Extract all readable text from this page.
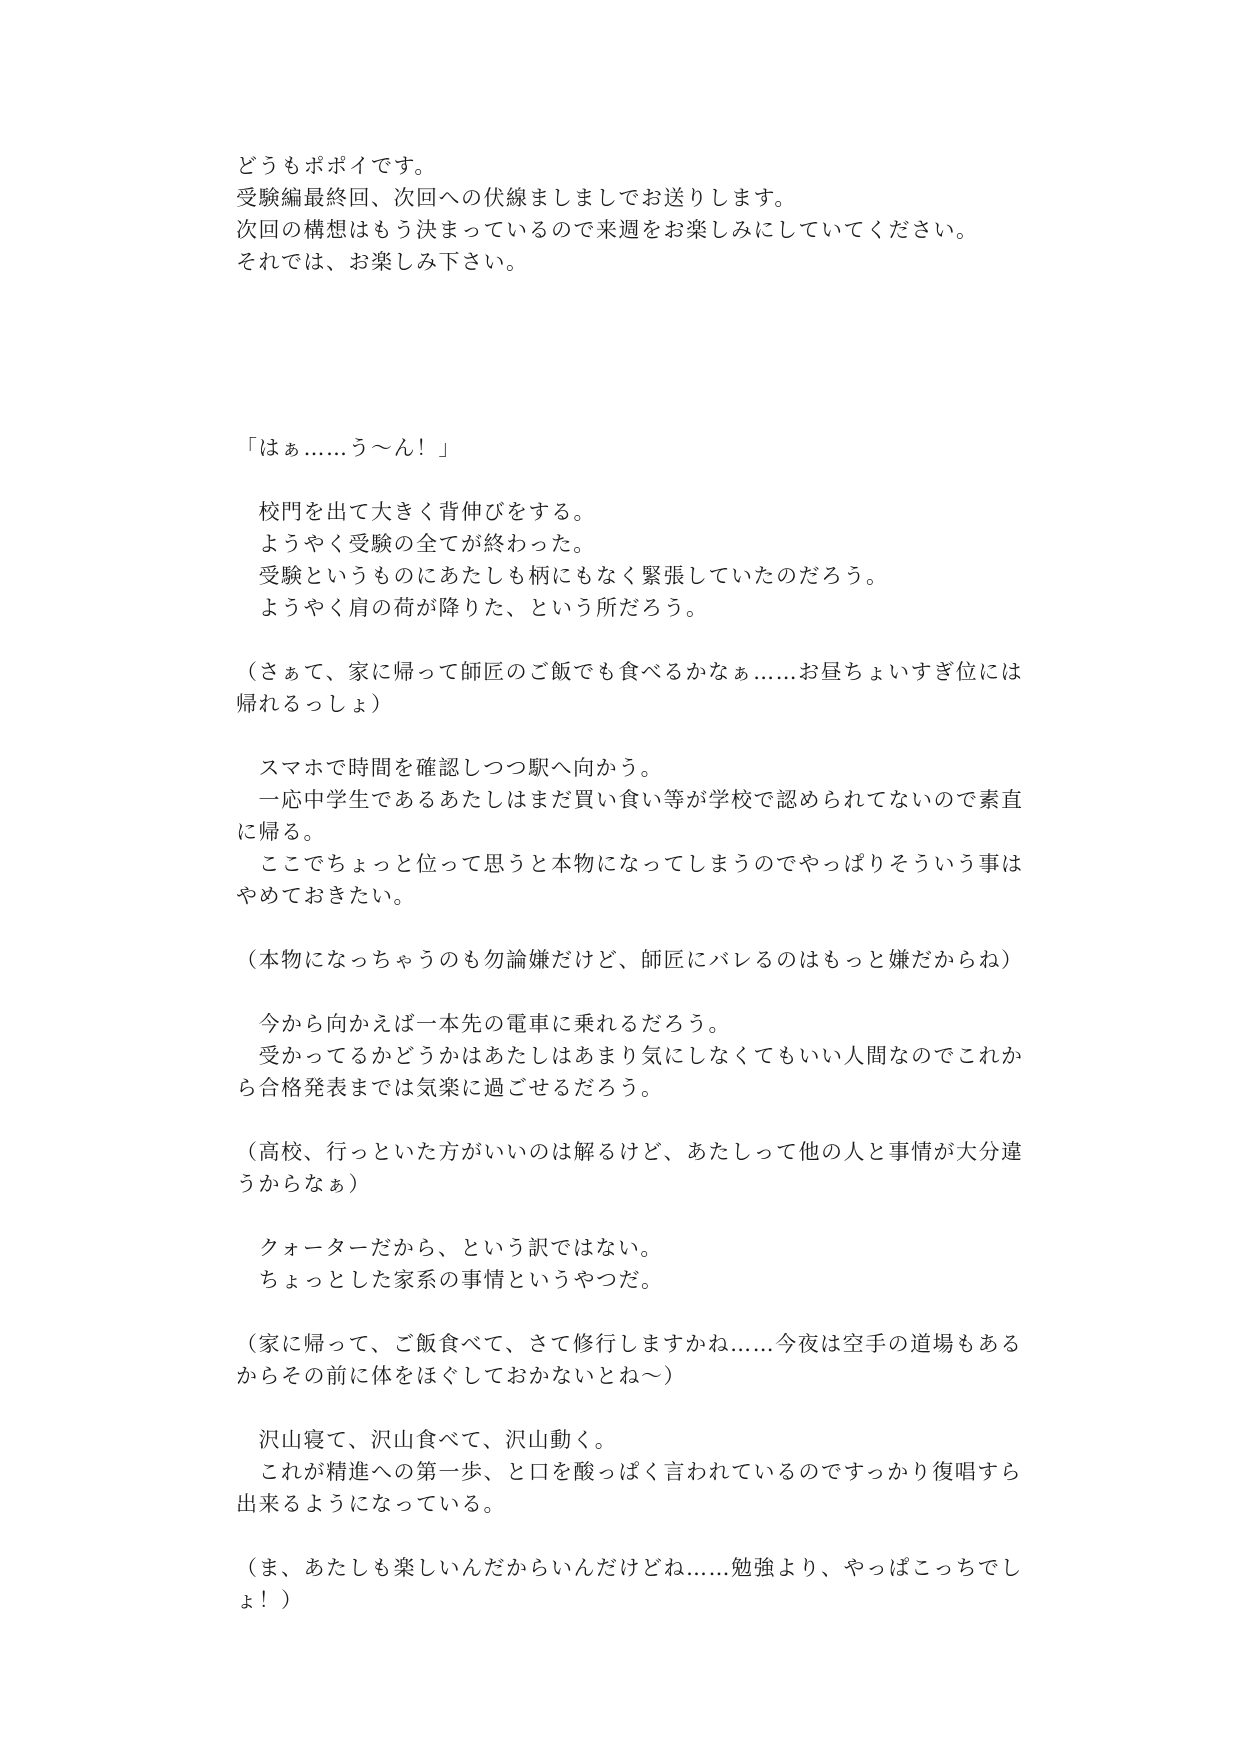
どうもポポイです。
受験編最終回、次回への伏線ましましでお送りします。
次回の構想はもう決まっているので来週をお楽しみにしていてください。
それでは、お楽しみ下さい。
「はぁ……う～ん！」
　校門を出て大きく背伸びをする。
　ようやく受験の全てが終わった。
　受験というものにあたしも柄にもなく緊張していたのだろう。
　ようやく肩の荷が降りた、という所だろう。
（さぁて、家に帰って師匠のご飯でも食べるかなぁ……お昼ちょいすぎ位には
帰れるっしょ）
　スマホで時間を確認しつつ駅へ向かう。
　一応中学生であるあたしはまだ買い食い等が学校で認められてないので素直
に帰る。
　ここでちょっと位って思うと本物になってしまうのでやっぱりそういう事は
やめておきたい。
（本物になっちゃうのも勿論嫌だけど、師匠にバレるのはもっと嫌だからね）
　今から向かえば一本先の電車に乗れるだろう。
　受かってるかどうかはあたしはあまり気にしなくてもいい人間なのでこれか
ら合格発表までは気楽に過ごせるだろう。
（高校、行っといた方がいいのは解るけど、あたしって他の人と事情が大分違
うからなぁ）
　クォーターだから、という訳ではない。
　ちょっとした家系の事情というやつだ。
（家に帰って、ご飯食べて、さて修行しますかね……今夜は空手の道場もある
からその前に体をほぐしておかないとね～）
　沢山寝て、沢山食べて、沢山動く。
　これが精進への第一歩、と口を酸っぱく言われているのですっかり復唱すら
出来るようになっている。
（ま、あたしも楽しいんだからいんだけどね……勉強より、やっぱこっちでし
ょ！）
